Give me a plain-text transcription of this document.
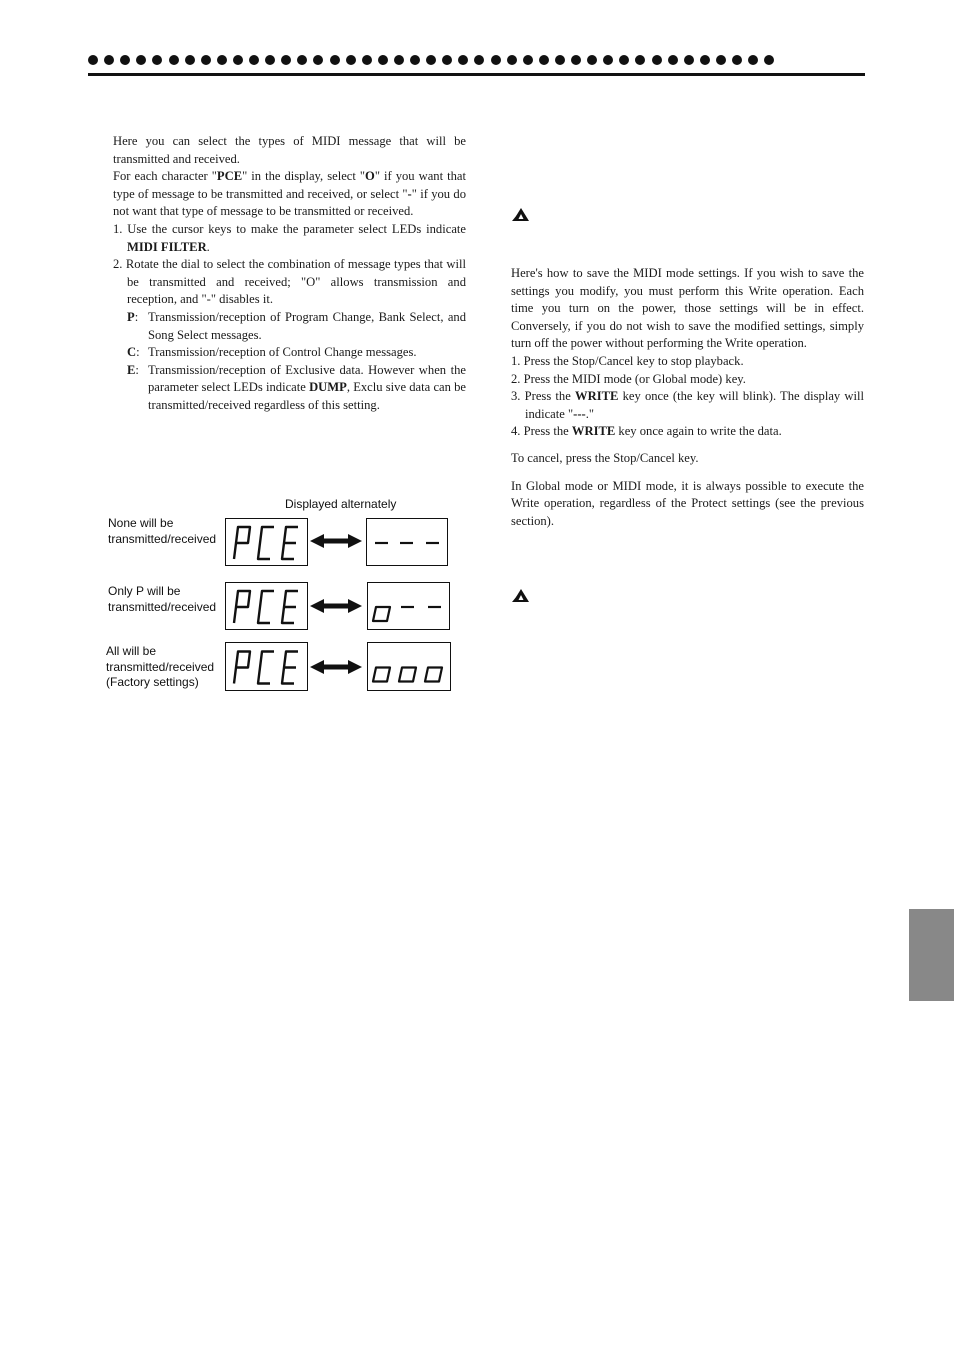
Here you can select the types of MIDI message that will be transmitted and received.

For each character "PCE" in the display, select "O" if you want that type of message to be transmitted and received, or select "-" if you do not want that type of message to be transmitted or received.

1. Use the cursor keys to make the parameter select LEDs indicate MIDI FILTER.

2. Rotate the dial to select the combination of message types that will be transmitted and received; "O" allows transmission and reception, and "-" disables it.

P: Transmission/reception of Program Change, Bank Select, and Song Select messages.

C: Transmission/reception of Control Change messages.

E: Transmission/reception of Exclusive data. However when the parameter select LEDs indicate DUMP, Exclu sive data can be transmitted/received regardless of this setting.

Displayed alternately
None will be
transmitted/received
Only P will be
transmitted/received
All will be
transmitted/received
(Factory settings)

Here's how to save the MIDI mode settings. If you wish to save the settings you modify, you must perform this Write operation. Each time you turn on the power, those settings will be in effect. Conversely, if you do not wish to save the modified settings, simply turn off the power without performing the Write operation.

1. Press the Stop/Cancel key to stop playback.

2. Press the MIDI mode (or Global mode) key.

3. Press the WRITE key once (the key will blink). The display will indicate "---."

4. Press the WRITE key once again to write the data.

To cancel, press the Stop/Cancel key.

In Global mode or MIDI mode, it is always possible to execute the Write operation, regardless of the Protect settings (see the previous section).
